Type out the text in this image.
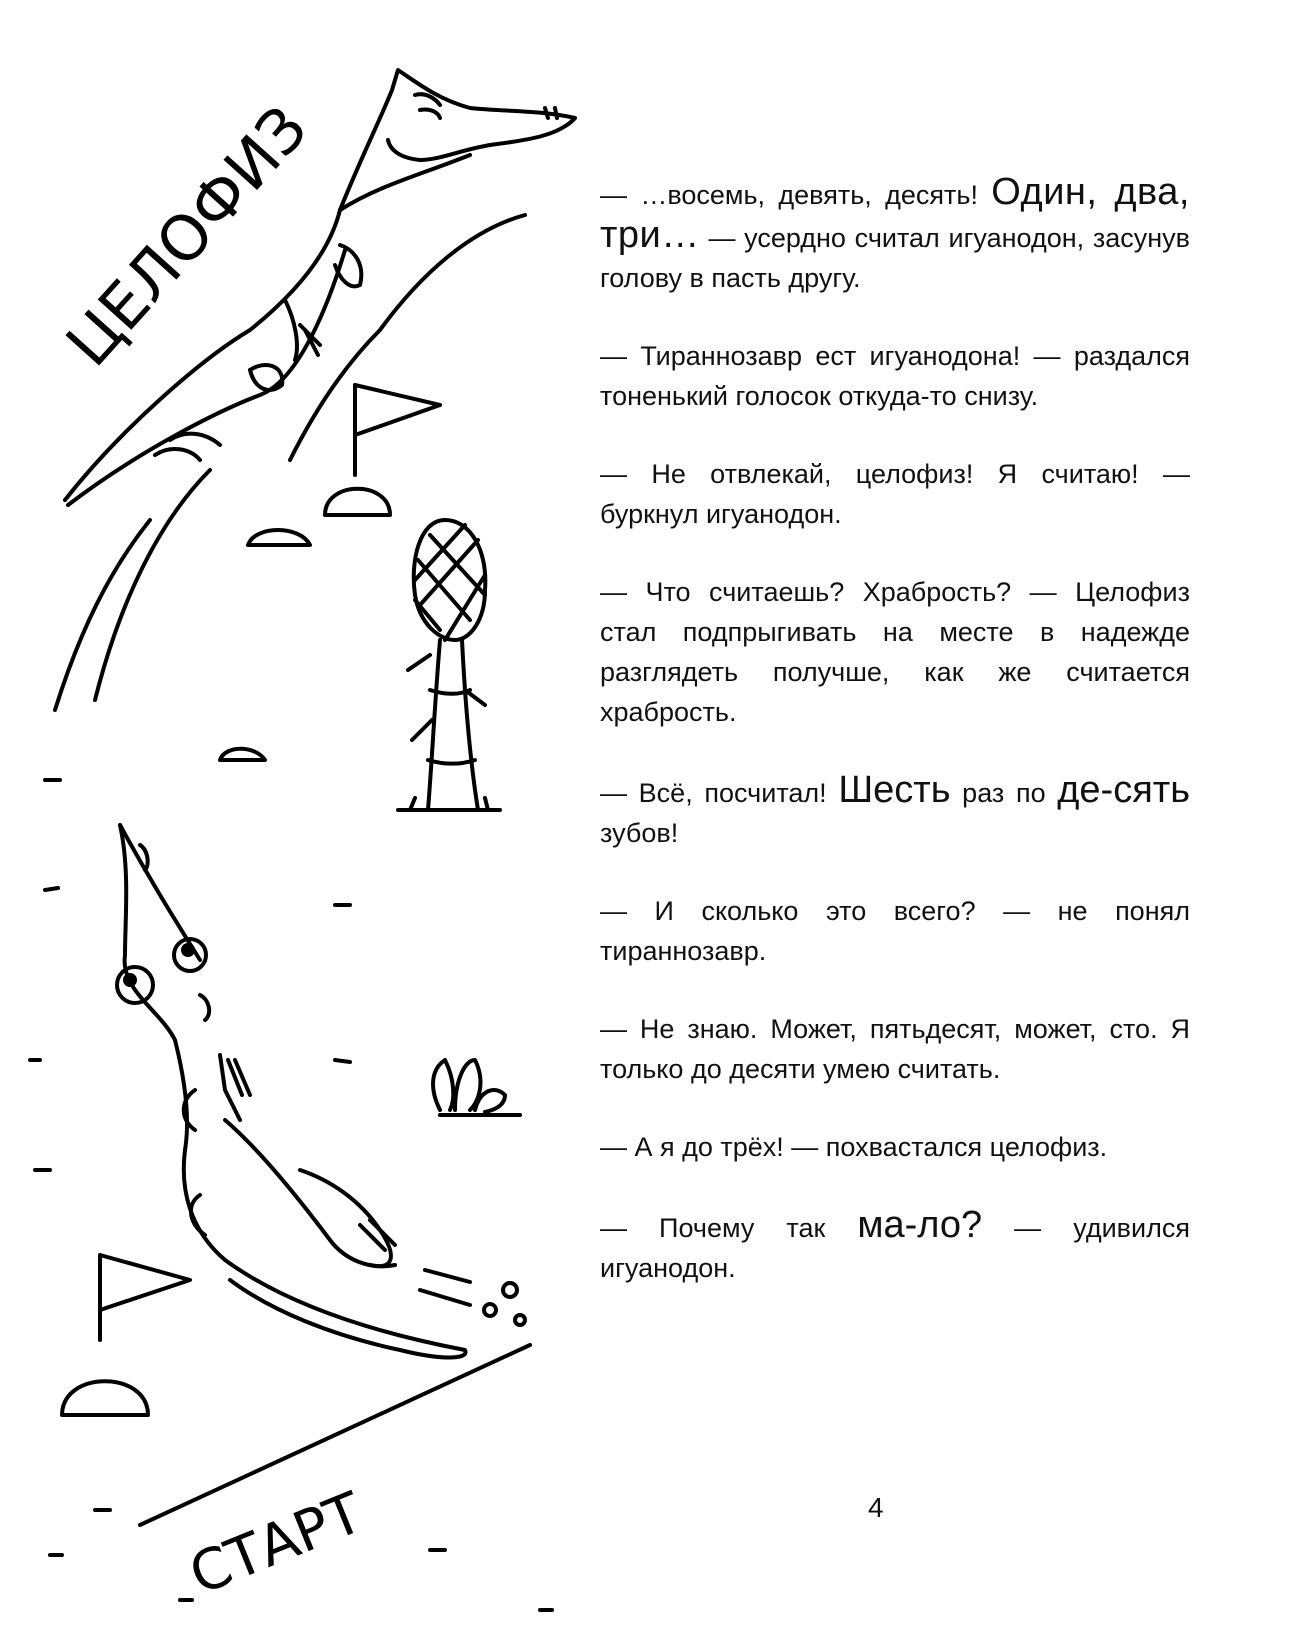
ЦЕЛОФИЗ
СТАРТ

— …восемь, девять, десять! Один, два, три… — усердно считал игуанодон, засунув голову в пасть другу.

— Тираннозавр ест игуанодона! — раздался тоненький голосок откуда-то снизу.

— Не отвлекай, целофиз! Я считаю! — буркнул игуанодон.

— Что считаешь? Храбрость? — Целофиз стал подпрыгивать на месте в надежде разглядеть получше, как же считается храбрость.

— Всё, посчитал! Шесть раз по де-сять зубов!

— И сколько это всего? — не понял тираннозавр.

— Не знаю. Может, пятьдесят, может, сто. Я только до десяти умею считать.

— А я до трёх! — похвастался целофиз.

— Почему так ма-ло? — удивился игуанодон.

4
